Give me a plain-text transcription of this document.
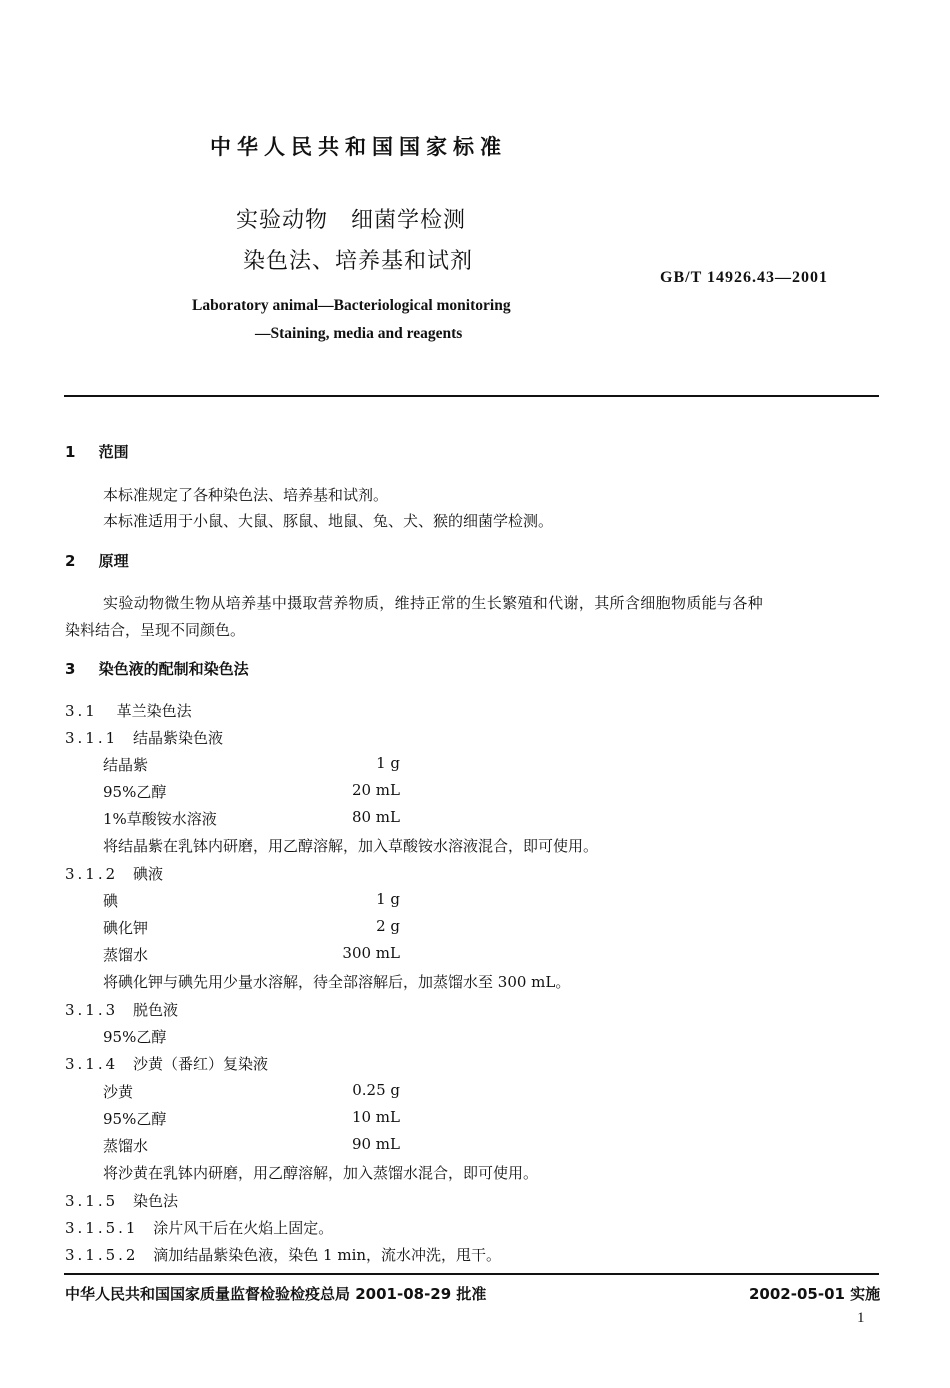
中华人民共和国国家标准
实验动物　细菌学检测
染色法、培养基和试剂
GB/T 14926.43—2001
Laboratory animal—Bacteriological monitoring
—Staining, media and reagents
1 范围
本标准规定了各种染色法、培养基和试剂。
本标准适用于小鼠、大鼠、豚鼠、地鼠、兔、犬、猴的细菌学检测。
2 原理
实验动物微生物从培养基中摄取营养物质，维持正常的生长繁殖和代谢，其所含细胞物质能与各种
染料结合，呈现不同颜色。
3 染色液的配制和染色法
3.1 革兰染色法
3.1.1 结晶紫染色液
结晶紫	1 g
95%乙醇	20 mL
1%草酸铵水溶液	80 mL
将结晶紫在乳钵内研磨，用乙醇溶解，加入草酸铵水溶液混合，即可使用。
3.1.2 碘液
碘	1 g
碘化钾	2 g
蒸馏水	300 mL
将碘化钾与碘先用少量水溶解，待全部溶解后，加蒸馏水至 300 mL。
3.1.3 脱色液
95%乙醇
3.1.4 沙黄（番红）复染液
沙黄	0.25 g
95%乙醇	10 mL
蒸馏水	90 mL
将沙黄在乳钵内研磨，用乙醇溶解，加入蒸馏水混合，即可使用。
3.1.5 染色法
3.1.5.1 涂片风干后在火焰上固定。
3.1.5.2 滴加结晶紫染色液，染色 1 min，流水冲洗，甩干。
中华人民共和国国家质量监督检验检疫总局 2001-08-29 批准	2002-05-01 实施
1
